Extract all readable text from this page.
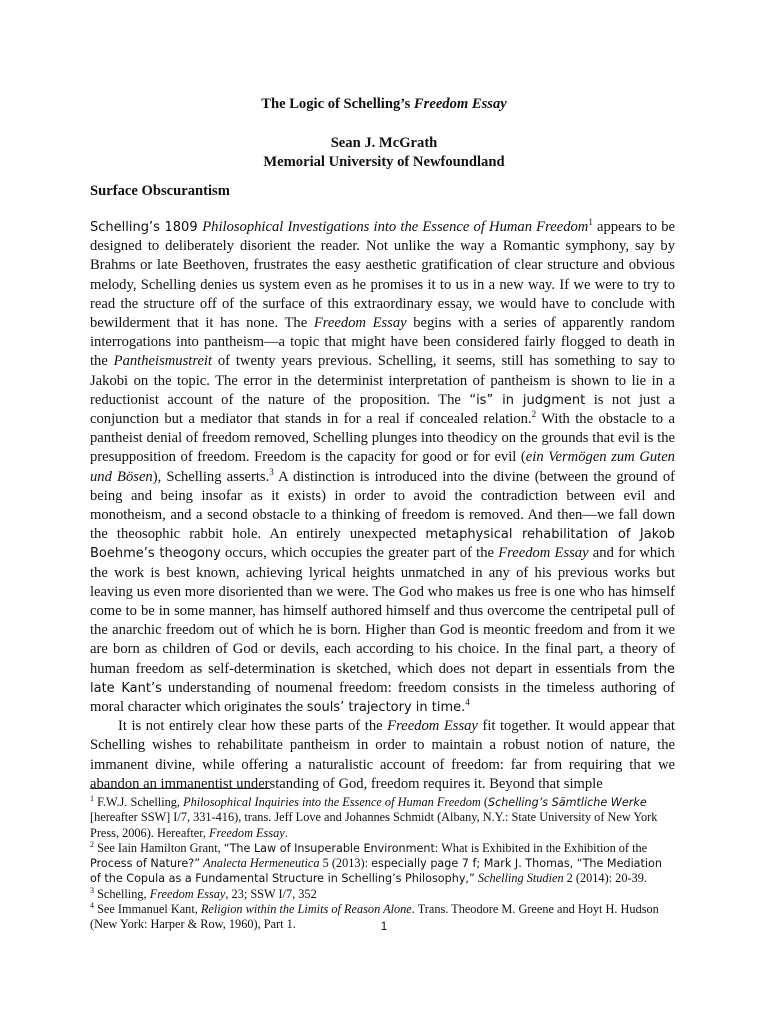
The Logic of Schelling’s Freedom Essay
Sean J. McGrath
Memorial University of Newfoundland
Surface Obscurantism

Schelling’s 1809 Philosophical Investigations into the Essence of Human Freedom$^1$ appears to be designed to deliberately disorient the reader. Not unlike the way a Romantic symphony, say by Brahms or late Beethoven, frustrates the easy aesthetic gratification of clear structure and obvious melody, Schelling denies us system even as he promises it to us in a new way. If we were to try to read the structure off of the surface of this extraordinary essay, we would have to conclude with bewilderment that it has none. The Freedom Essay begins with a series of apparently random interrogations into pantheism—a topic that might have been considered fairly flogged to death in the Pantheismustreit of twenty years previous. Schelling, it seems, still has something to say to Jakobi on the topic. The error in the determinist interpretation of pantheism is shown to lie in a reductionist account of the nature of the proposition. The “is” in judgment is not just a conjunction but a mediator that stands in for a real if concealed relation.$^2$ With the obstacle to a pantheist denial of freedom removed, Schelling plunges into theodicy on the grounds that evil is the presupposition of freedom. Freedom is the capacity for good or for evil (ein Vermögen zum Guten und Bösen), Schelling asserts.$^3$ A distinction is introduced into the divine (between the ground of being and being insofar as it exists) in order to avoid the contradiction between evil and monotheism, and a second obstacle to a thinking of freedom is removed. And then—we fall down the theosophic rabbit hole. An entirely unexpected metaphysical rehabilitation of Jakob Boehme’s theogony occurs, which occupies the greater part of the Freedom Essay and for which the work is best known, achieving lyrical heights unmatched in any of his previous works but leaving us even more disoriented than we were. The God who makes us free is one who has himself come to be in some manner, has himself authored himself and thus overcome the centripetal pull of the anarchic freedom out of which he is born. Higher than God is meontic freedom and from it we are born as children of God or devils, each according to his choice. In the final part, a theory of human freedom as self-determination is sketched, which does not depart in essentials from the late Kant’s understanding of noumenal freedom: freedom consists in the timeless authoring of moral character which originates the souls’ trajectory in time.$^4$

It is not entirely clear how these parts of the Freedom Essay fit together. It would appear that Schelling wishes to rehabilitate pantheism in order to maintain a robust notion of nature, the immanent divine, while offering a naturalistic account of freedom: far from requiring that we abandon an immanentist understanding of God, freedom requires it. Beyond that simple

$^1$ F.W.J. Schelling, Philosophical Inquiries into the Essence of Human Freedom (Schelling’s Sämtliche Werke [hereafter SSW] I/7, 331-416), trans. Jeff Love and Johannes Schmidt (Albany, N.Y.: State University of New York Press, 2006). Hereafter, Freedom Essay.

$^2$ See Iain Hamilton Grant, “The Law of Insuperable Environment: What is Exhibited in the Exhibition of the Process of Nature?” Analecta Hermeneutica 5 (2013): especially page 7 f; Mark J. Thomas, “The Mediation of the Copula as a Fundamental Structure in Schelling’s Philosophy,” Schelling Studien 2 (2014): 20-39.

$^3$ Schelling, Freedom Essay, 23; SSW I/7, 352

$^4$ See Immanuel Kant, Religion within the Limits of Reason Alone. Trans. Theodore M. Greene and Hoyt H. Hudson (New York: Harper & Row, 1960), Part 1.	1
